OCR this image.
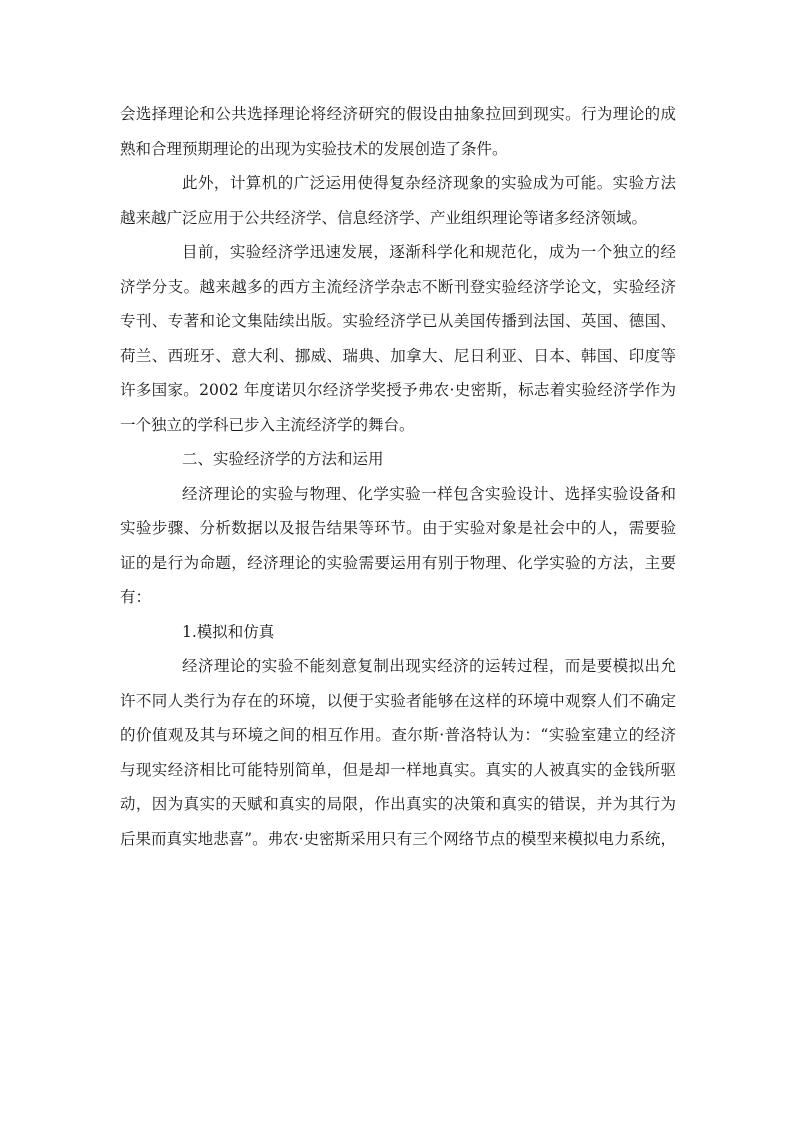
会选择理论和公共选择理论将经济研究的假设由抽象拉回到现实。行为理论的成
熟和合理预期理论的出现为实验技术的发展创造了条件。
此外，计算机的广泛运用使得复杂经济现象的实验成为可能。实验方法
越来越广泛应用于公共经济学、信息经济学、产业组织理论等诸多经济领域。
目前，实验经济学迅速发展，逐渐科学化和规范化，成为一个独立的经
济学分支。越来越多的西方主流经济学杂志不断刊登实验经济学论文，实验经济
专刊、专著和论文集陆续出版。实验经济学已从美国传播到法国、英国、德国、
荷兰、西班牙、意大利、挪威、瑞典、加拿大、尼日利亚、日本、韩国、印度等
许多国家。2002 年度诺贝尔经济学奖授予弗农·史密斯，标志着实验经济学作为
一个独立的学科已步入主流经济学的舞台。
二、实验经济学的方法和运用
经济理论的实验与物理、化学实验一样包含实验设计、选择实验设备和
实验步骤、分析数据以及报告结果等环节。由于实验对象是社会中的人，需要验
证的是行为命题，经济理论的实验需要运用有别于物理、化学实验的方法，主要
有：
1.模拟和仿真
经济理论的实验不能刻意复制出现实经济的运转过程，而是要模拟出允
许不同人类行为存在的环境，以便于实验者能够在这样的环境中观察人们不确定
的价值观及其与环境之间的相互作用。查尔斯·普洛特认为：“实验室建立的经济
与现实经济相比可能特别简单，但是却一样地真实。真实的人被真实的金钱所驱
动，因为真实的天赋和真实的局限，作出真实的决策和真实的错误，并为其行为
后果而真实地悲喜”。弗农·史密斯采用只有三个网络节点的模型来模拟电力系统，
